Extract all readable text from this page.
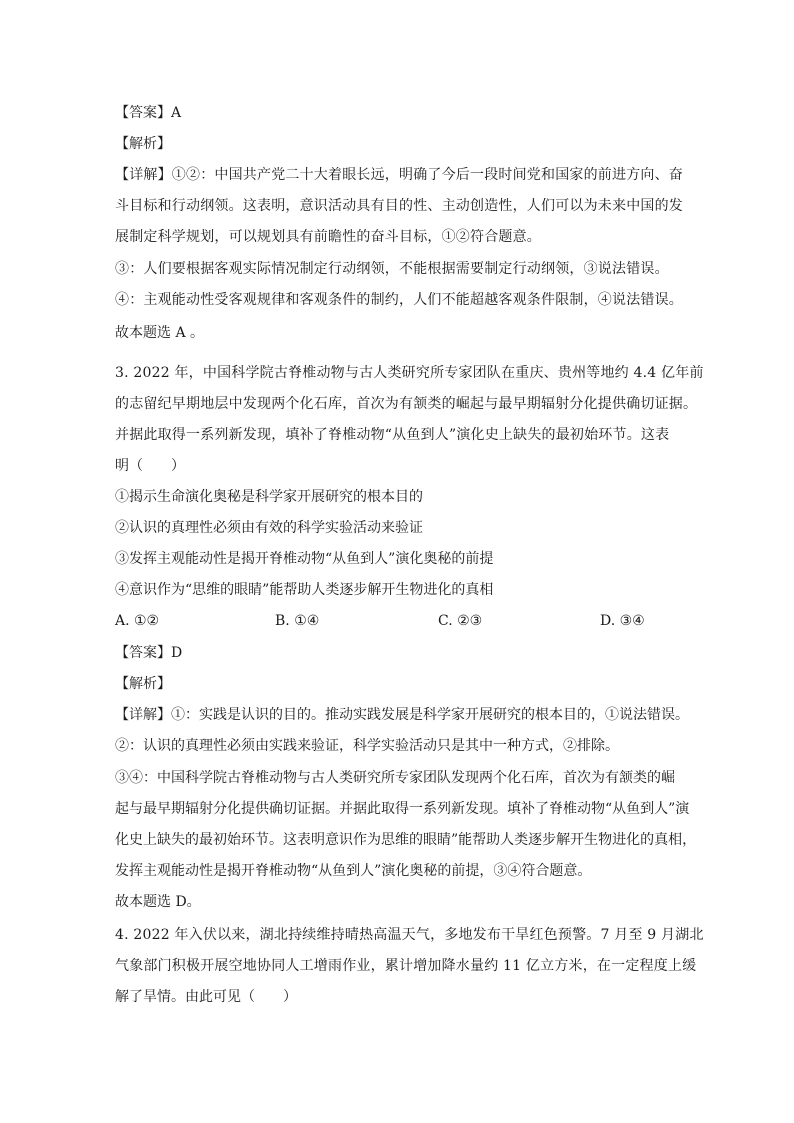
【答案】A
【解析】
【详解】①②：中国共产党二十大着眼长远，明确了今后一段时间党和国家的前进方向、奋
斗目标和行动纲领。这表明，意识活动具有目的性、主动创造性，人们可以为未来中国的发
展制定科学规划，可以规划具有前瞻性的奋斗目标，①②符合题意。
③：人们要根据客观实际情况制定行动纲领，不能根据需要制定行动纲领，③说法错误。
④：主观能动性受客观规律和客观条件的制约，人们不能超越客观条件限制，④说法错误。
故本题选 A 。
3. 2022 年，中国科学院古脊椎动物与古人类研究所专家团队在重庆、贵州等地约 4.4 亿年前
的志留纪早期地层中发现两个化石库，首次为有颔类的崛起与最早期辐射分化提供确切证据。
并据此取得一系列新发现，填补了脊椎动物“从鱼到人”演化史上缺失的最初始环节。这表
明（　　）
①揭示生命演化奥秘是科学家开展研究的根本目的
②认识的真理性必须由有效的科学实验活动来验证
③发挥主观能动性是揭开脊椎动物“从鱼到人”演化奥秘的前提
④意识作为“思维的眼睛”能帮助人类逐步解开生物进化的真相
A. ①②	B. ①④	C. ②③	D. ③④
【答案】D
【解析】
【详解】①：实践是认识的目的。推动实践发展是科学家开展研究的根本目的，①说法错误。
②：认识的真理性必须由实践来验证，科学实验活动只是其中一种方式，②排除。
③④：中国科学院古脊椎动物与古人类研究所专家团队发现两个化石库，首次为有颔类的崛
起与最早期辐射分化提供确切证据。并据此取得一系列新发现。填补了脊椎动物“从鱼到人”演
化史上缺失的最初始环节。这表明意识作为思维的眼睛”能帮助人类逐步解开生物进化的真相，
发挥主观能动性是揭开脊椎动物“从鱼到人”演化奥秘的前提，③④符合题意。
故本题选 D。
4. 2022 年入伏以来，湖北持续维持晴热高温天气，多地发布干旱红色预警。7 月至 9 月湖北
气象部门积极开展空地协同人工增雨作业，累计增加降水量约 11 亿立方米，在一定程度上缓
解了旱情。由此可见（　　）
